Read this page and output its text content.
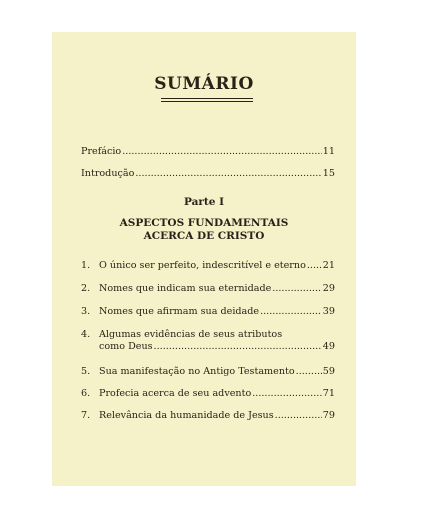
SUMÁRIO
Prefácio .....	11
Introdução .....	15
Parte I
ASPECTOS FUNDAMENTAIS
ACERCA DE CRISTO
1. O único ser perfeito, indescritível e eterno ..... 21
2. Nomes que indicam sua eternidade .....	29
3. Nomes que afirmam sua deidade .....	39
4. Algumas evidências de seus atributos
como Deus .....	49
5. Sua manifestação no Antigo Testamento .....	59
6. Profecia acerca de seu advento .....	71
7. Relevância da humanidade de Jesus .....	79
